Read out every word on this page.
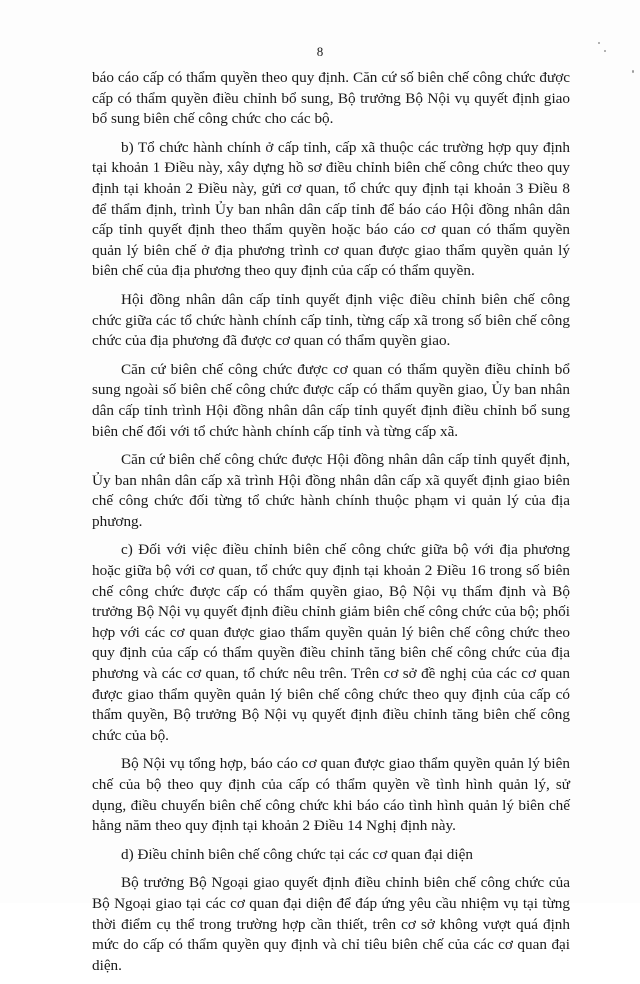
8

báo cáo cấp có thẩm quyền theo quy định. Căn cứ số biên chế công chức được cấp có thẩm quyền điều chỉnh bổ sung, Bộ trưởng Bộ Nội vụ quyết định giao bổ sung biên chế công chức cho các bộ.

b) Tổ chức hành chính ở cấp tỉnh, cấp xã thuộc các trường hợp quy định tại khoản 1 Điều này, xây dựng hồ sơ điều chỉnh biên chế công chức theo quy định tại khoản 2 Điều này, gửi cơ quan, tổ chức quy định tại khoản 3 Điều 8 để thẩm định, trình Ủy ban nhân dân cấp tỉnh để báo cáo Hội đồng nhân dân cấp tỉnh quyết định theo thẩm quyền hoặc báo cáo cơ quan có thẩm quyền quản lý biên chế ở địa phương trình cơ quan được giao thẩm quyền quản lý biên chế của địa phương theo quy định của cấp có thẩm quyền.

Hội đồng nhân dân cấp tỉnh quyết định việc điều chỉnh biên chế công chức giữa các tổ chức hành chính cấp tỉnh, từng cấp xã trong số biên chế công chức của địa phương đã được cơ quan có thẩm quyền giao.

Căn cứ biên chế công chức được cơ quan có thẩm quyền điều chỉnh bổ sung ngoài số biên chế công chức được cấp có thẩm quyền giao, Ủy ban nhân dân cấp tỉnh trình Hội đồng nhân dân cấp tỉnh quyết định điều chỉnh bổ sung biên chế đối với tổ chức hành chính cấp tỉnh và từng cấp xã.

Căn cứ biên chế công chức được Hội đồng nhân dân cấp tỉnh quyết định, Ủy ban nhân dân cấp xã trình Hội đồng nhân dân cấp xã quyết định giao biên chế công chức đối từng tổ chức hành chính thuộc phạm vi quản lý của địa phương.

c) Đối với việc điều chỉnh biên chế công chức giữa bộ với địa phương hoặc giữa bộ với cơ quan, tổ chức quy định tại khoản 2 Điều 16 trong số biên chế công chức được cấp có thẩm quyền giao, Bộ Nội vụ thẩm định và Bộ trưởng Bộ Nội vụ quyết định điều chỉnh giảm biên chế công chức của bộ; phối hợp với các cơ quan được giao thẩm quyền quản lý biên chế công chức theo quy định của cấp có thẩm quyền điều chỉnh tăng biên chế công chức của địa phương và các cơ quan, tổ chức nêu trên. Trên cơ sở đề nghị của các cơ quan được giao thẩm quyền quản lý biên chế công chức theo quy định của cấp có thẩm quyền, Bộ trưởng Bộ Nội vụ quyết định điều chỉnh tăng biên chế công chức của bộ.

Bộ Nội vụ tổng hợp, báo cáo cơ quan được giao thẩm quyền quản lý biên chế của bộ theo quy định của cấp có thẩm quyền về tình hình quản lý, sử dụng, điều chuyển biên chế công chức khi báo cáo tình hình quản lý biên chế hằng năm theo quy định tại khoản 2 Điều 14 Nghị định này.

d) Điều chỉnh biên chế công chức tại các cơ quan đại diện

Bộ trưởng Bộ Ngoại giao quyết định điều chỉnh biên chế công chức của Bộ Ngoại giao tại các cơ quan đại diện để đáp ứng yêu cầu nhiệm vụ tại từng thời điểm cụ thể trong trường hợp cần thiết, trên cơ sở không vượt quá định mức do cấp có thẩm quyền quy định và chỉ tiêu biên chế của các cơ quan đại diện.
